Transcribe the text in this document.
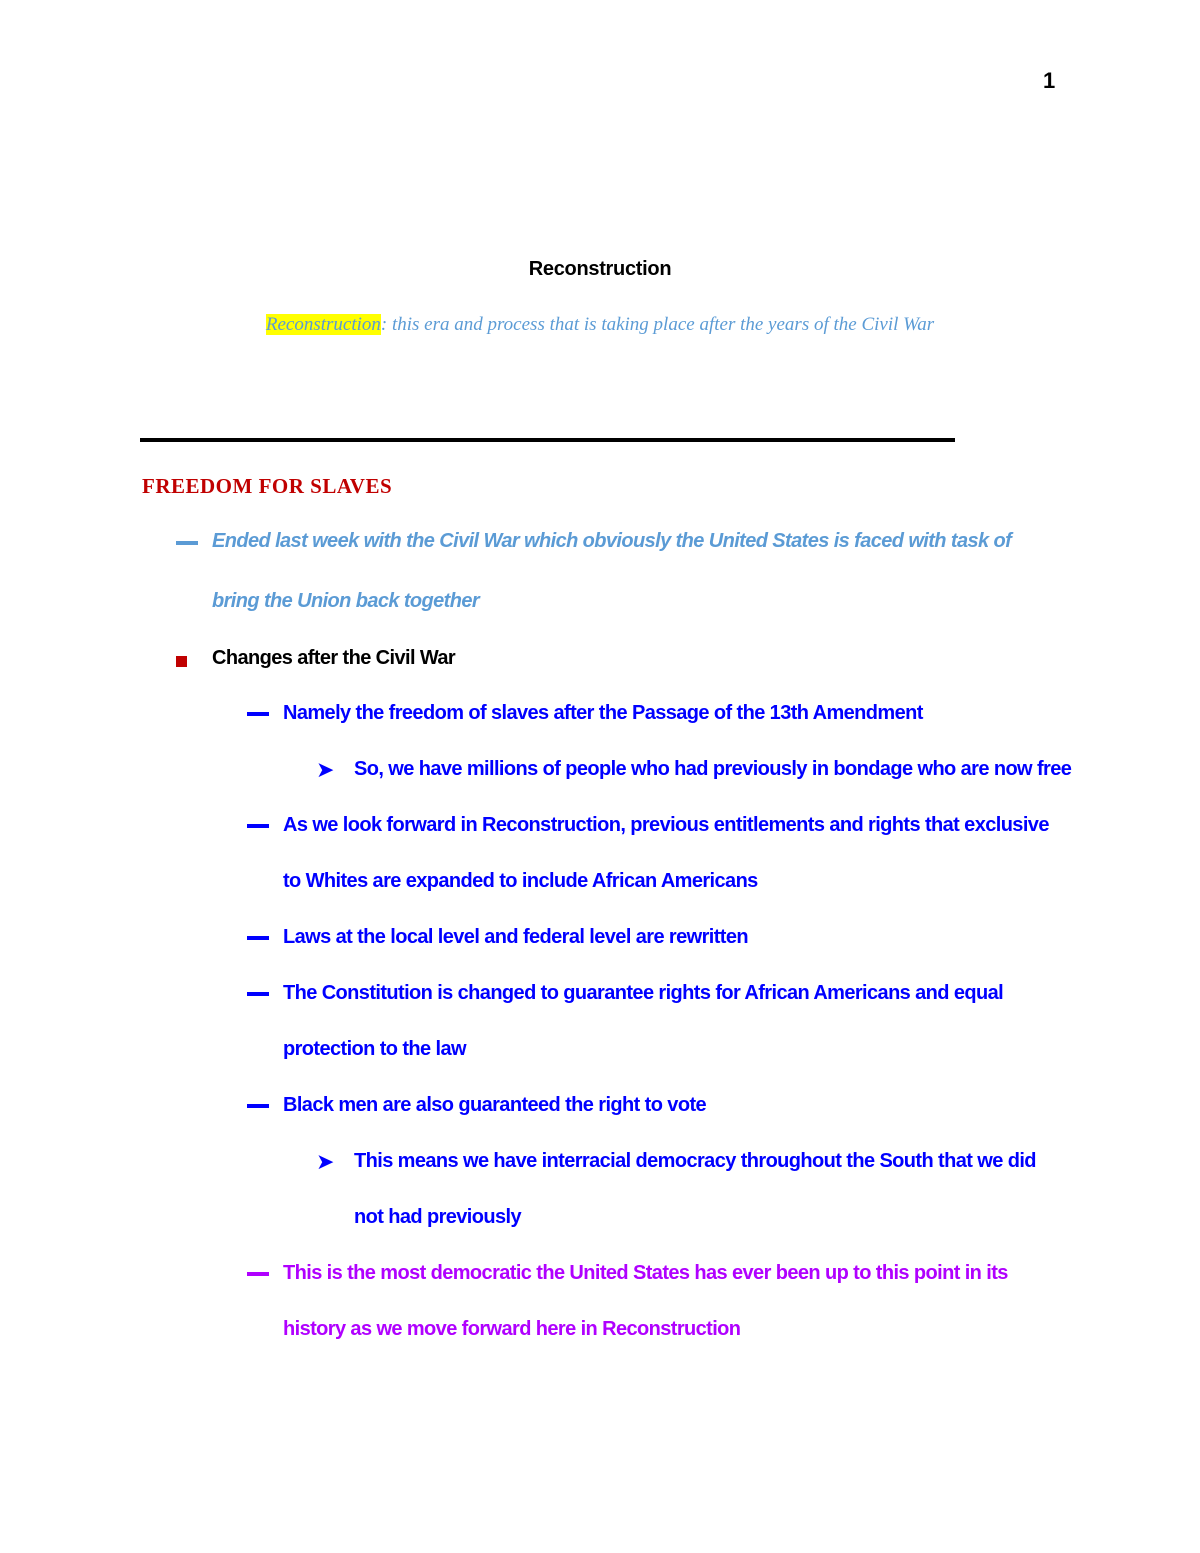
1
Reconstruction
Reconstruction: this era and process that is taking place after the years of the Civil War
FREEDOM FOR SLAVES
Ended last week with the Civil War which obviously the United States is faced with task of
bring the Union back together
Changes after the Civil War
Namely the freedom of slaves after the Passage of the 13th Amendment
➤ So, we have millions of people who had previously in bondage who are now free
As we look forward in Reconstruction, previous entitlements and rights that exclusive
to Whites are expanded to include African Americans
Laws at the local level and federal level are rewritten
The Constitution is changed to guarantee rights for African Americans and equal
protection to the law
Black men are also guaranteed the right to vote
➤ This means we have interracial democracy throughout the South that we did
not had previously
This is the most democratic the United States has ever been up to this point in its
history as we move forward here in Reconstruction
